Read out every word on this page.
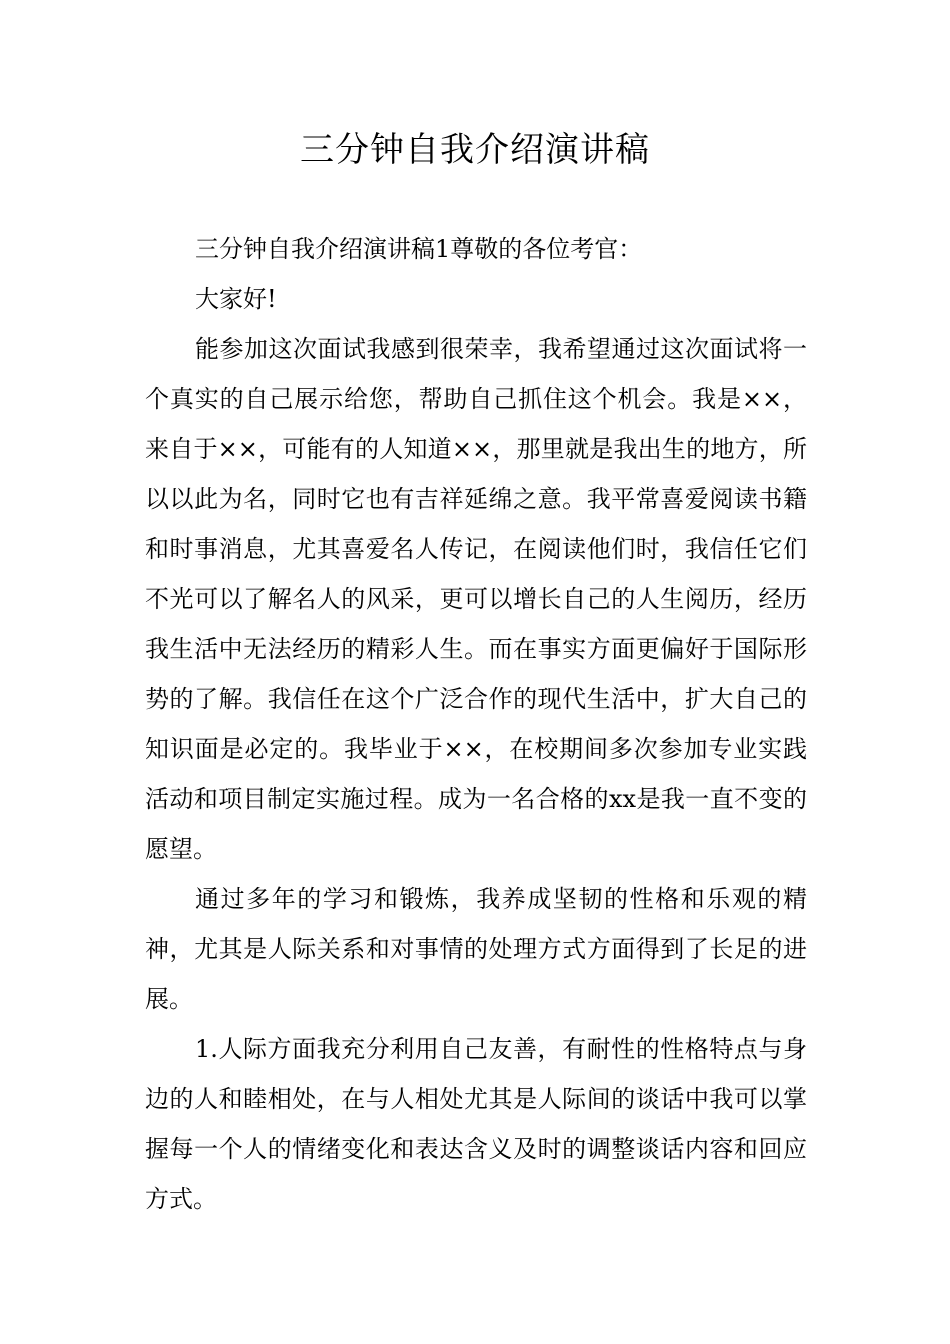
三分钟自我介绍演讲稿

三分钟自我介绍演讲稿1尊敬的各位考官：

大家好!

能参加这次面试我感到很荣幸，我希望通过这次面试将一个真实的自己展示给您，帮助自己抓住这个机会。我是××，来自于××，可能有的人知道××，那里就是我出生的地方，所以以此为名，同时它也有吉祥延绵之意。我平常喜爱阅读书籍和时事消息，尤其喜爱名人传记，在阅读他们时，我信任它们不光可以了解名人的风采，更可以增长自己的人生阅历，经历我生活中无法经历的精彩人生。而在事实方面更偏好于国际形势的了解。我信任在这个广泛合作的现代生活中，扩大自己的知识面是必定的。我毕业于××，在校期间多次参加专业实践活动和项目制定实施过程。成为一名合格的xx是我一直不变的愿望。

通过多年的学习和锻炼，我养成坚韧的性格和乐观的精神，尤其是人际关系和对事情的处理方式方面得到了长足的进展。

1.人际方面我充分利用自己友善，有耐性的性格特点与身边的人和睦相处，在与人相处尤其是人际间的谈话中我可以掌握每一个人的情绪变化和表达含义及时的调整谈话内容和回应方式。
